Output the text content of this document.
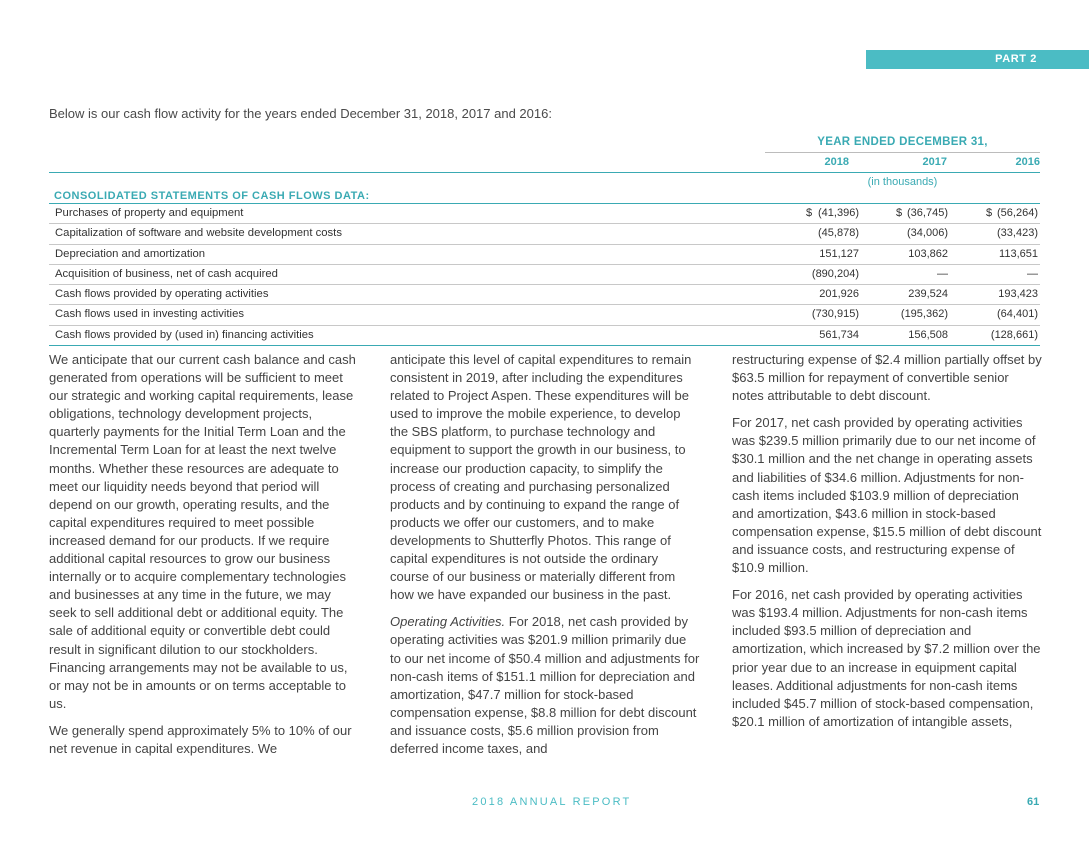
PART 2
Below is our cash flow activity for the years ended December 31, 2018, 2017 and 2016:
YEAR ENDED DECEMBER 31,
2018	2017	2016
(in thousands)
CONSOLIDATED STATEMENTS OF CASH FLOWS DATA:
Purchases of property and equipment	$ (41,396)	$ (36,745)	$ (56,264)
Capitalization of software and website development costs	(45,878)	(34,006)	(33,423)
Depreciation and amortization	151,127	103,862	113,651
Acquisition of business, net of cash acquired	(890,204)	—	—
Cash flows provided by operating activities	201,926	239,524	193,423
Cash flows used in investing activities	(730,915)	(195,362)	(64,401)
Cash flows provided by (used in) financing activities	561,734	156,508	(128,661)

We anticipate that our current cash balance and cash generated from operations will be sufficient to meet our strategic and working capital requirements, lease obligations, technology development projects, quarterly payments for the Initial Term Loan and the Incremental Term Loan for at least the next twelve months. Whether these resources are adequate to meet our liquidity needs beyond that period will depend on our growth, operating results, and the capital expenditures required to meet possible increased demand for our products. If we require additional capital resources to grow our business internally or to acquire complementary technologies and businesses at any time in the future, we may seek to sell additional debt or additional equity. The sale of additional equity or convertible debt could result in significant dilution to our stockholders. Financing arrangements may not be available to us, or may not be in amounts or on terms acceptable to us.

We generally spend approximately 5% to 10% of our net revenue in capital expenditures. We

anticipate this level of capital expenditures to remain consistent in 2019, after including the expenditures related to Project Aspen. These expenditures will be used to improve the mobile experience, to develop the SBS platform, to purchase technology and equipment to support the growth in our business, to increase our production capacity, to simplify the process of creating and purchasing personalized products and by continuing to expand the range of products we offer our customers, and to make developments to Shutterfly Photos. This range of capital expenditures is not outside the ordinary course of our business or materially different from how we have expanded our business in the past.

Operating Activities. For 2018, net cash provided by operating activities was $201.9 million primarily due to our net income of $50.4 million and adjustments for non-cash items of $151.1 million for depreciation and amortization, $47.7 million for stock-based compensation expense, $8.8 million for debt discount and issuance costs, $5.6 million provision from deferred income taxes, and

restructuring expense of $2.4 million partially offset by $63.5 million for repayment of convertible senior notes attributable to debt discount.

For 2017, net cash provided by operating activities was $239.5 million primarily due to our net income of $30.1 million and the net change in operating assets and liabilities of $34.6 million. Adjustments for non-cash items included $103.9 million of depreciation and amortization, $43.6 million in stock-based compensation expense, $15.5 million of debt discount and issuance costs, and restructuring expense of $10.9 million.

For 2016, net cash provided by operating activities was $193.4 million. Adjustments for non-cash items included $93.5 million of depreciation and amortization, which increased by $7.2 million over the prior year due to an increase in equipment capital leases. Additional adjustments for non-cash items included $45.7 million of stock-based compensation, $20.1 million of amortization of intangible assets,

2018 ANNUAL REPORT	61
